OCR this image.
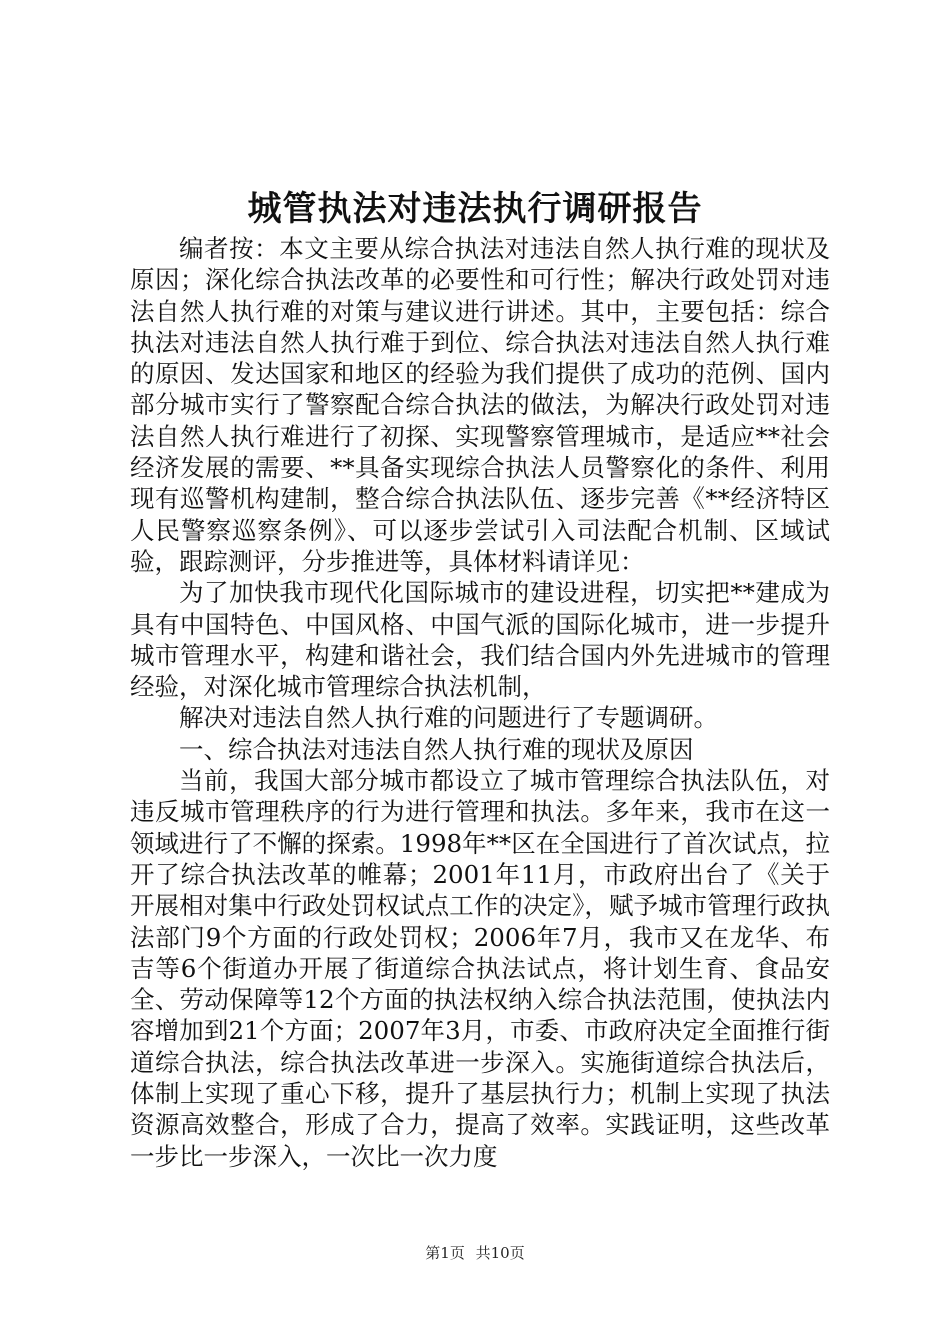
城管执法对违法执行调研报告

编者按：本文主要从综合执法对违法自然人执行难的现状及原因；深化综合执法改革的必要性和可行性；解决行政处罚对违法自然人执行难的对策与建议进行讲述。其中，主要包括：综合执法对违法自然人执行难于到位、综合执法对违法自然人执行难的原因、发达国家和地区的经验为我们提供了成功的范例、国内部分城市实行了警察配合综合执法的做法，为解决行政处罚对违法自然人执行难进行了初探、实现警察管理城市，是适应**社会经济发展的需要、**具备实现综合执法人员警察化的条件、利用现有巡警机构建制，整合综合执法队伍、逐步完善《**经济特区人民警察巡察条例》、可以逐步尝试引入司法配合机制、区域试验，跟踪测评，分步推进等，具体材料请详见：

为了加快我市现代化国际城市的建设进程，切实把**建成为具有中国特色、中国风格、中国气派的国际化城市，进一步提升城市管理水平，构建和谐社会，我们结合国内外先进城市的管理经验，对深化城市管理综合执法机制，

解决对违法自然人执行难的问题进行了专题调研。

一、综合执法对违法自然人执行难的现状及原因

当前，我国大部分城市都设立了城市管理综合执法队伍，对违反城市管理秩序的行为进行管理和执法。多年来，我市在这一领域进行了不懈的探索。1998年**区在全国进行了首次试点，拉开了综合执法改革的帷幕；2001年11月，市政府出台了《关于开展相对集中行政处罚权试点工作的决定》，赋予城市管理行政执法部门9个方面的行政处罚权；2006年7月，我市又在龙华、布吉等6个街道办开展了街道综合执法试点，将计划生育、食品安全、劳动保障等12个方面的执法权纳入综合执法范围，使执法内容增加到21个方面；2007年3月，市委、市政府决定全面推行街道综合执法，综合执法改革进一步深入。实施街道综合执法后，体制上实现了重心下移，提升了基层执行力；机制上实现了执法资源高效整合，形成了合力，提高了效率。实践证明，这些改革一步比一步深入，一次比一次力度

第1页 共10页
